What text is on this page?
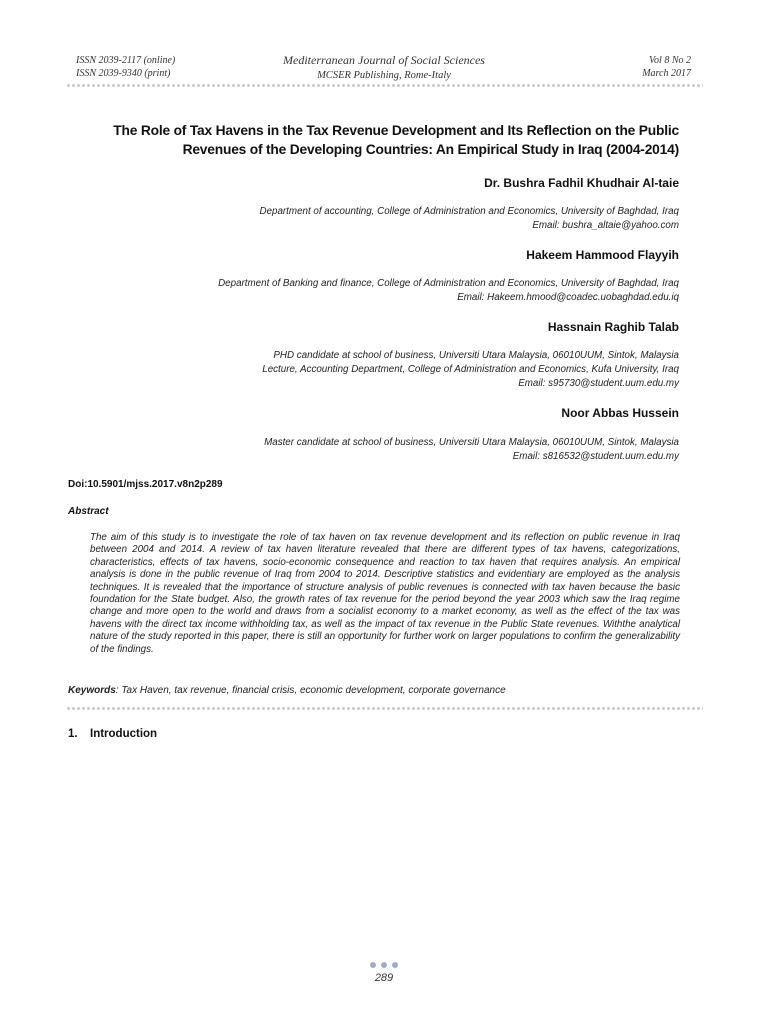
ISSN 2039-2117 (online)
ISSN 2039-9340 (print)
Mediterranean Journal of Social Sciences
MCSER Publishing, Rome-Italy
Vol 8 No 2
March 2017
The Role of Tax Havens in the Tax Revenue Development and Its Reflection on the Public
Revenues of the Developing Countries: An Empirical Study in Iraq (2004-2014)
Dr. Bushra Fadhil Khudhair Al-taie
Department of accounting, College of Administration and Economics, University of Baghdad, Iraq
Email: bushra_altaie@yahoo.com
Hakeem Hammood Flayyih
Department of Banking and finance, College of Administration and Economics, University of Baghdad, Iraq
Email: Hakeem.hmood@coadec.uobaghdad.edu.iq
Hassnain Raghib Talab
PHD candidate at school of business, Universiti Utara Malaysia, 06010UUM, Sintok, Malaysia
Lecture, Accounting Department, College of Administration and Economics, Kufa University, Iraq
Email: s95730@student.uum.edu.my
Noor Abbas Hussein
Master candidate at school of business, Universiti Utara Malaysia, 06010UUM, Sintok, Malaysia
Email: s816532@student.uum.edu.my
Doi:10.5901/mjss.2017.v8n2p289
Abstract
The aim of this study is to investigate the role of tax haven on tax revenue development and its reflection on public revenue in Iraq between 2004 and 2014. A review of tax haven literature revealed that there are different types of tax havens, categorizations, characteristics, effects of tax havens, socio-economic consequence and reaction to tax haven that requires analysis. An empirical analysis is done in the public revenue of Iraq from 2004 to 2014. Descriptive statistics and evidentiary are employed as the analysis techniques. It is revealed that the importance of structure analysis of public revenues is connected with tax haven because the basic foundation for the State budget. Also, the growth rates of tax revenue for the period beyond the year 2003 which saw the Iraq regime change and more open to the world and draws from a socialist economy to a market economy, as well as the effect of the tax was havens with the direct tax income withholding tax, as well as the impact of tax revenue in the Public State revenues. Withthe analytical nature of the study reported in this paper, there is still an opportunity for further work on larger populations to confirm the generalizability of the findings.
Keywords: Tax Haven, tax revenue, financial crisis, economic development, corporate governance
1. Introduction
289
